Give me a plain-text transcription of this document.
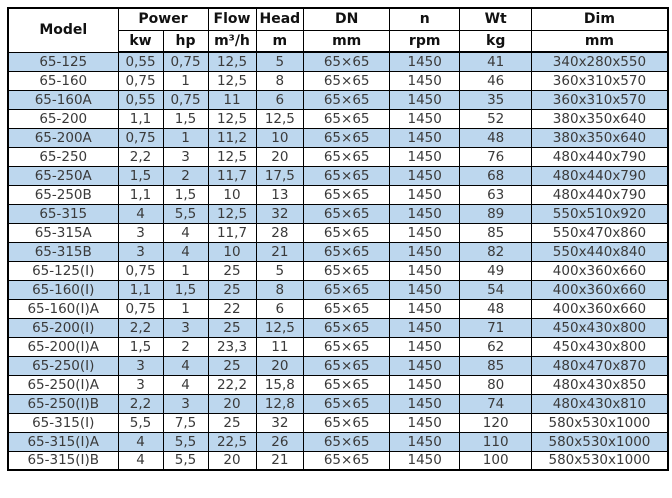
Model	Power		Flow	Head	DN	n	Wt	Dim
	kw	hp	m³/h	m	mm	rpm	kg	mm
65-125	0,55	0,75	12,5	5	65×65	1450	41	340x280x550
65-160	0,75	1	12,5	8	65×65	1450	46	360x310x570
65-160A	0,55	0,75	11	6	65×65	1450	35	360x310x570
65-200	1,1	1,5	12,5	12,5	65×65	1450	52	380x350x640
65-200A	0,75	1	11,2	10	65×65	1450	48	380x350x640
65-250	2,2	3	12,5	20	65×65	1450	76	480x440x790
65-250A	1,5	2	11,7	17,5	65×65	1450	68	480x440x790
65-250B	1,1	1,5	10	13	65×65	1450	63	480x440x790
65-315	4	5,5	12,5	32	65×65	1450	89	550x510x920
65-315A	3	4	11,7	28	65×65	1450	85	550x470x860
65-315B	3	4	10	21	65×65	1450	82	550x440x840
65-125(I)	0,75	1	25	5	65×65	1450	49	400x360x660
65-160(I)	1,1	1,5	25	8	65×65	1450	54	400x360x660
65-160(I)A	0,75	1	22	6	65×65	1450	48	400x360x660
65-200(I)	2,2	3	25	12,5	65×65	1450	71	450x430x800
65-200(I)A	1,5	2	23,3	11	65×65	1450	62	450x430x800
65-250(I)	3	4	25	20	65×65	1450	85	480x470x870
65-250(I)A	3	4	22,2	15,8	65×65	1450	80	480x430x850
65-250(I)B	2,2	3	20	12,8	65×65	1450	74	480x430x810
65-315(I)	5,5	7,5	25	32	65×65	1450	120	580x530x1000
65-315(I)A	4	5,5	22,5	26	65×65	1450	110	580x530x1000
65-315(I)B	4	5,5	20	21	65×65	1450	100	580x530x1000
